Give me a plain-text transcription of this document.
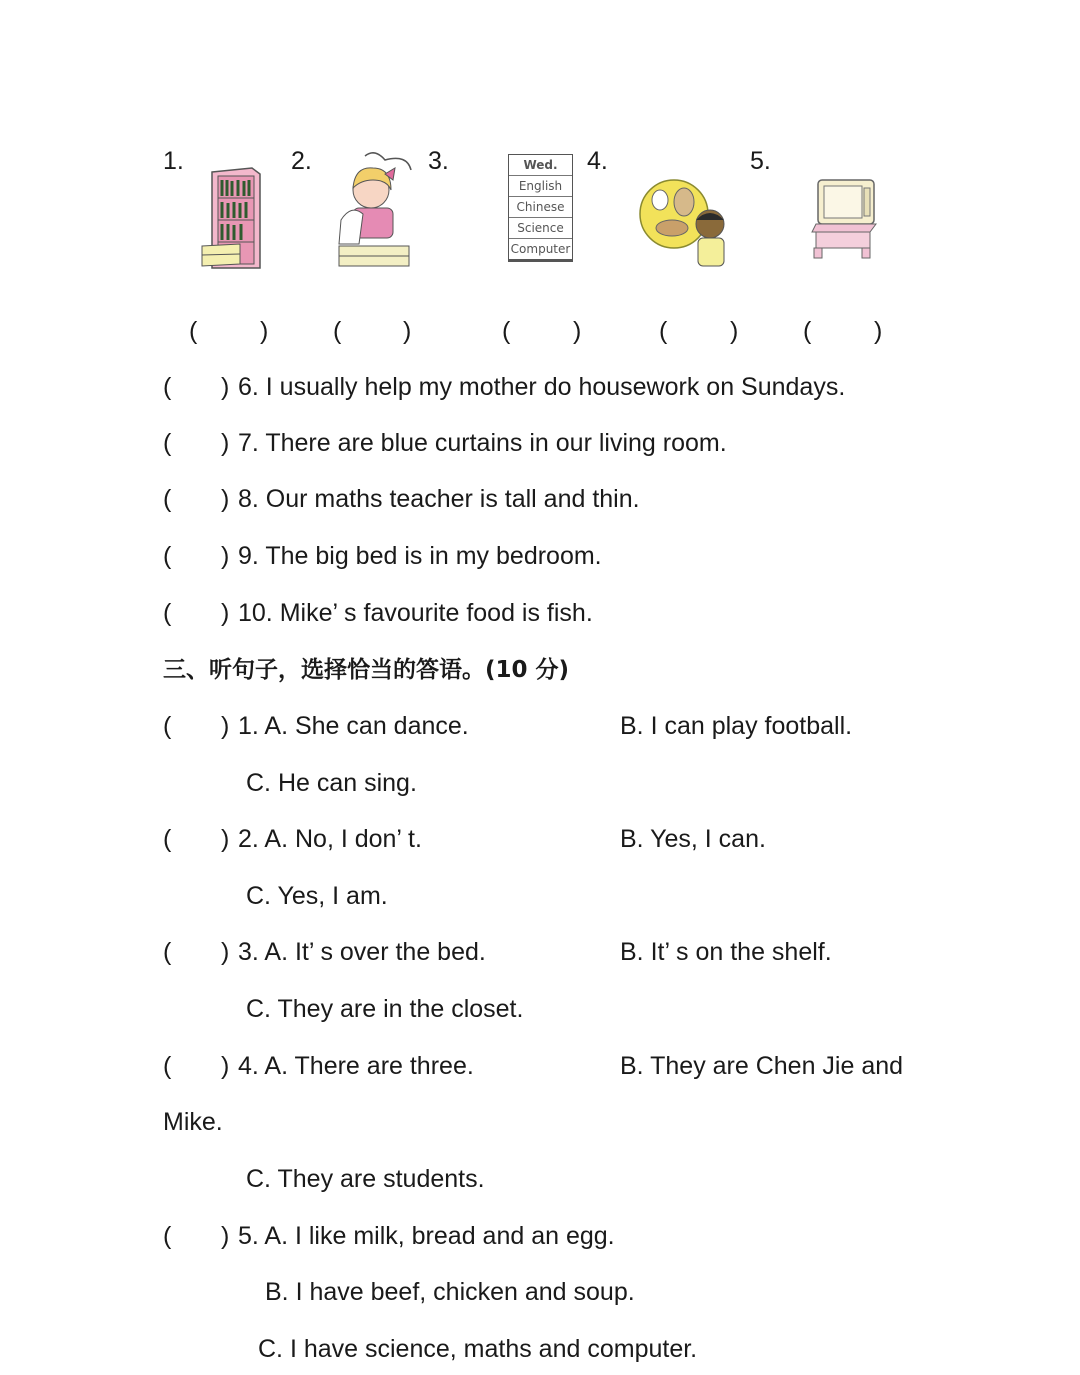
1.	2.	3.	4.	5.
Wed.
English
Chinese
Science
Computer
(	)	( )	(	)	(	)	(	)
( ) 6. I usually help my mother do housework on Sundays.
( ) 7. There are blue curtains in our living room.
( ) 8. Our maths teacher is tall and thin.
( ) 9. The big bed is in my bedroom.
( ) 10. Mike’ s favourite food is fish.
三、听句子，选择恰当的答语。(10 分)
( ) 1. A. She can dance.	B. I can play football.
C. He can sing.
( ) 2. A. No, I don’ t.	B. Yes, I can.
C. Yes, I am.
( ) 3. A. It’ s over the bed.	B. It’ s on the shelf.
C. They are in the closet.
( ) 4. A. There are three.	B. They are Chen Jie and
Mike.
C. They are students.
( ) 5. A. I like milk, bread and an egg.
B. I have beef, chicken and soup.
C. I have science, maths and computer.
